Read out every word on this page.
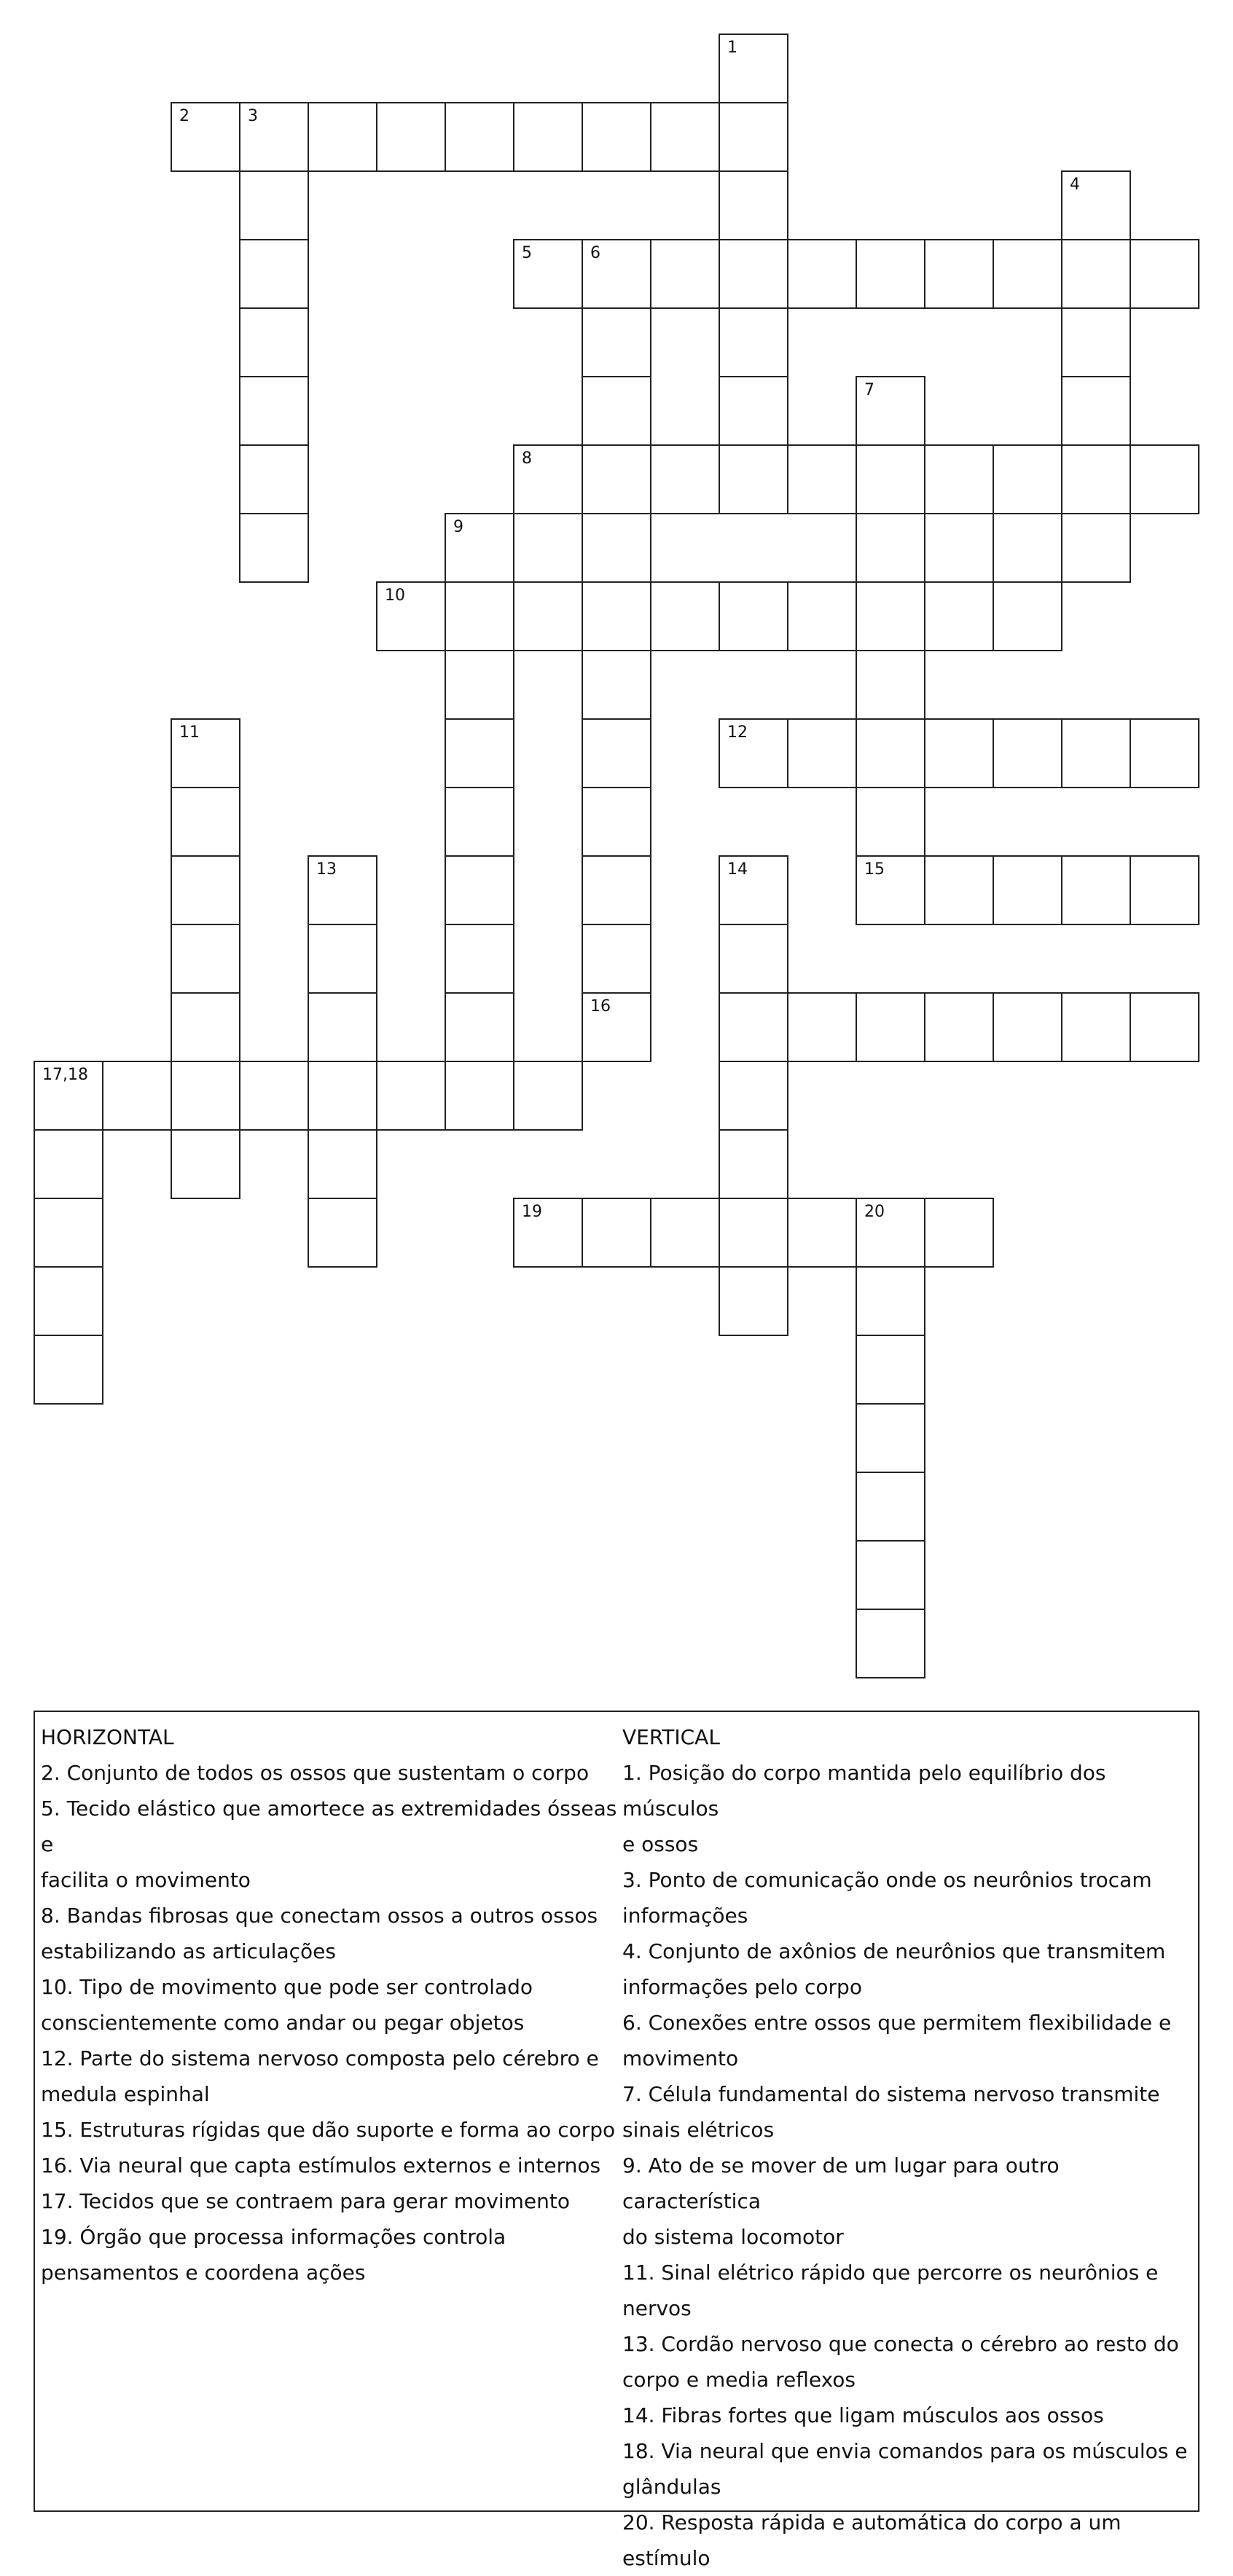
1
2	3
4
5	6
7
8
9
10
11	12
13	14	15
16
17,18
19	20
HORIZONTAL

2. Conjunto de todos os ossos que sustentam o corpo

5. Tecido elástico que amortece as extremidades ósseas e

facilita o movimento

8. Bandas fibrosas que conectam ossos a outros ossos

estabilizando as articulações

10. Tipo de movimento que pode ser controlado

conscientemente como andar ou pegar objetos

12. Parte do sistema nervoso composta pelo cérebro e

medula espinhal

15. Estruturas rígidas que dão suporte e forma ao corpo

16. Via neural que capta estímulos externos e internos

17. Tecidos que se contraem para gerar movimento

19. Órgão que processa informações controla

pensamentos e coordena ações

VERTICAL

1. Posição do corpo mantida pelo equilíbrio dos músculos

e ossos

3. Ponto de comunicação onde os neurônios trocam

informações

4. Conjunto de axônios de neurônios que transmitem

informações pelo corpo

6. Conexões entre ossos que permitem flexibilidade e

movimento

7. Célula fundamental do sistema nervoso transmite

sinais elétricos

9. Ato de se mover de um lugar para outro característica

do sistema locomotor

11. Sinal elétrico rápido que percorre os neurônios e

nervos

13. Cordão nervoso que conecta o cérebro ao resto do

corpo e media reflexos

14. Fibras fortes que ligam músculos aos ossos

18. Via neural que envia comandos para os músculos e

glândulas

20. Resposta rápida e automática do corpo a um estímulo
